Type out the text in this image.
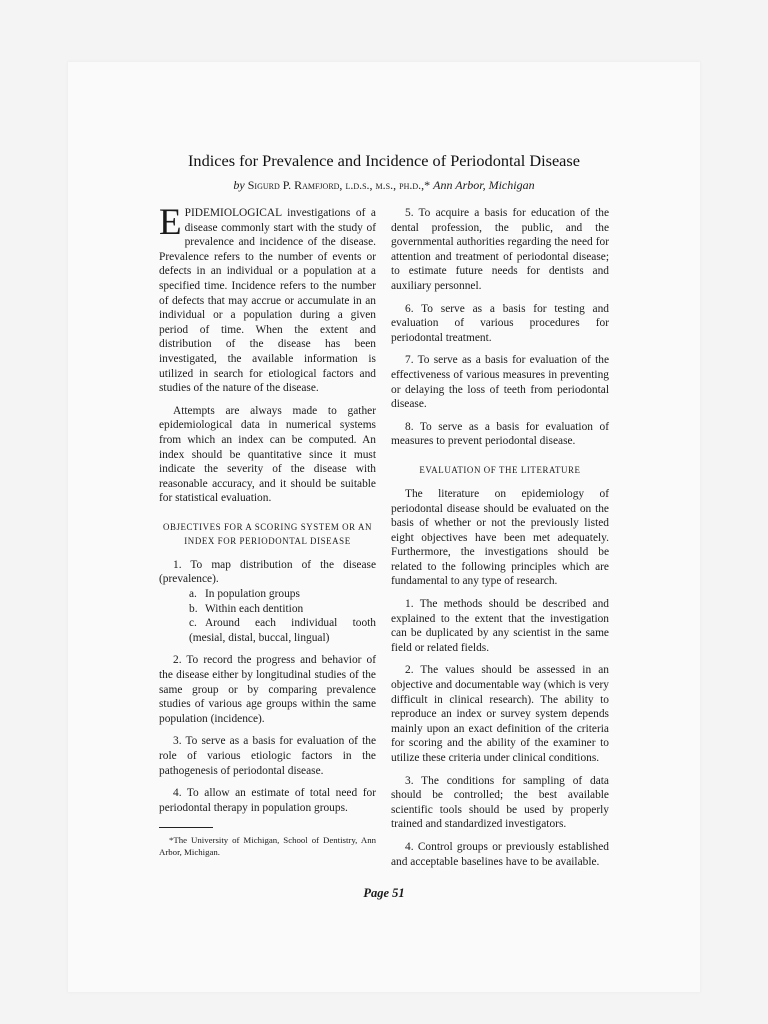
Indices for Prevalence and Incidence of Periodontal Disease
by Sigurd P. Ramfjord, l.d.s., m.s., ph.d.,* Ann Arbor, Michigan

EPIDEMIOLOGICAL investigations of a disease commonly start with the study of prevalence and incidence of the disease. Prevalence refers to the number of events or defects in an individual or a population at a specified time. Incidence refers to the number of defects that may accrue or accumulate in an individual or a population during a given period of time. When the extent and distribution of the disease has been investigated, the available information is utilized in search for etiological factors and studies of the nature of the disease.

Attempts are always made to gather epidemiological data in numerical systems from which an index can be computed. An index should be quantitative since it must indicate the severity of the disease with reasonable accuracy, and it should be suitable for statistical evaluation.

OBJECTIVES FOR A SCORING SYSTEM OR AN INDEX FOR PERIODONTAL DISEASE

1. To map distribution of the disease (prevalence).

a. In population groups
b. Within each dentition
c. Around each individual tooth (mesial, distal, buccal, lingual)

2. To record the progress and behavior of the disease either by longitudinal studies of the same group or by comparing prevalence studies of various age groups within the same population (incidence).

3. To serve as a basis for evaluation of the role of various etiologic factors in the pathogenesis of periodontal disease.

4. To allow an estimate of total need for periodontal therapy in population groups.

*The University of Michigan, School of Dentistry, Ann Arbor, Michigan.

5. To acquire a basis for education of the dental profession, the public, and the governmental authorities regarding the need for attention and treatment of periodontal disease; to estimate future needs for dentists and auxiliary personnel.

6. To serve as a basis for testing and evaluation of various procedures for periodontal treatment.

7. To serve as a basis for evaluation of the effectiveness of various measures in preventing or delaying the loss of teeth from periodontal disease.

8. To serve as a basis for evaluation of measures to prevent periodontal disease.

EVALUATION OF THE LITERATURE

The literature on epidemiology of periodontal disease should be evaluated on the basis of whether or not the previously listed eight objectives have been met adequately. Furthermore, the investigations should be related to the following principles which are fundamental to any type of research.

1. The methods should be described and explained to the extent that the investigation can be duplicated by any scientist in the same field or related fields.

2. The values should be assessed in an objective and documentable way (which is very difficult in clinical research). The ability to reproduce an index or survey system depends mainly upon an exact definition of the criteria for scoring and the ability of the examiner to utilize these criteria under clinical conditions.

3. The conditions for sampling of data should be controlled; the best available scientific tools should be used by properly trained and standardized investigators.

4. Control groups or previously established and acceptable baselines have to be available.

Page 51
